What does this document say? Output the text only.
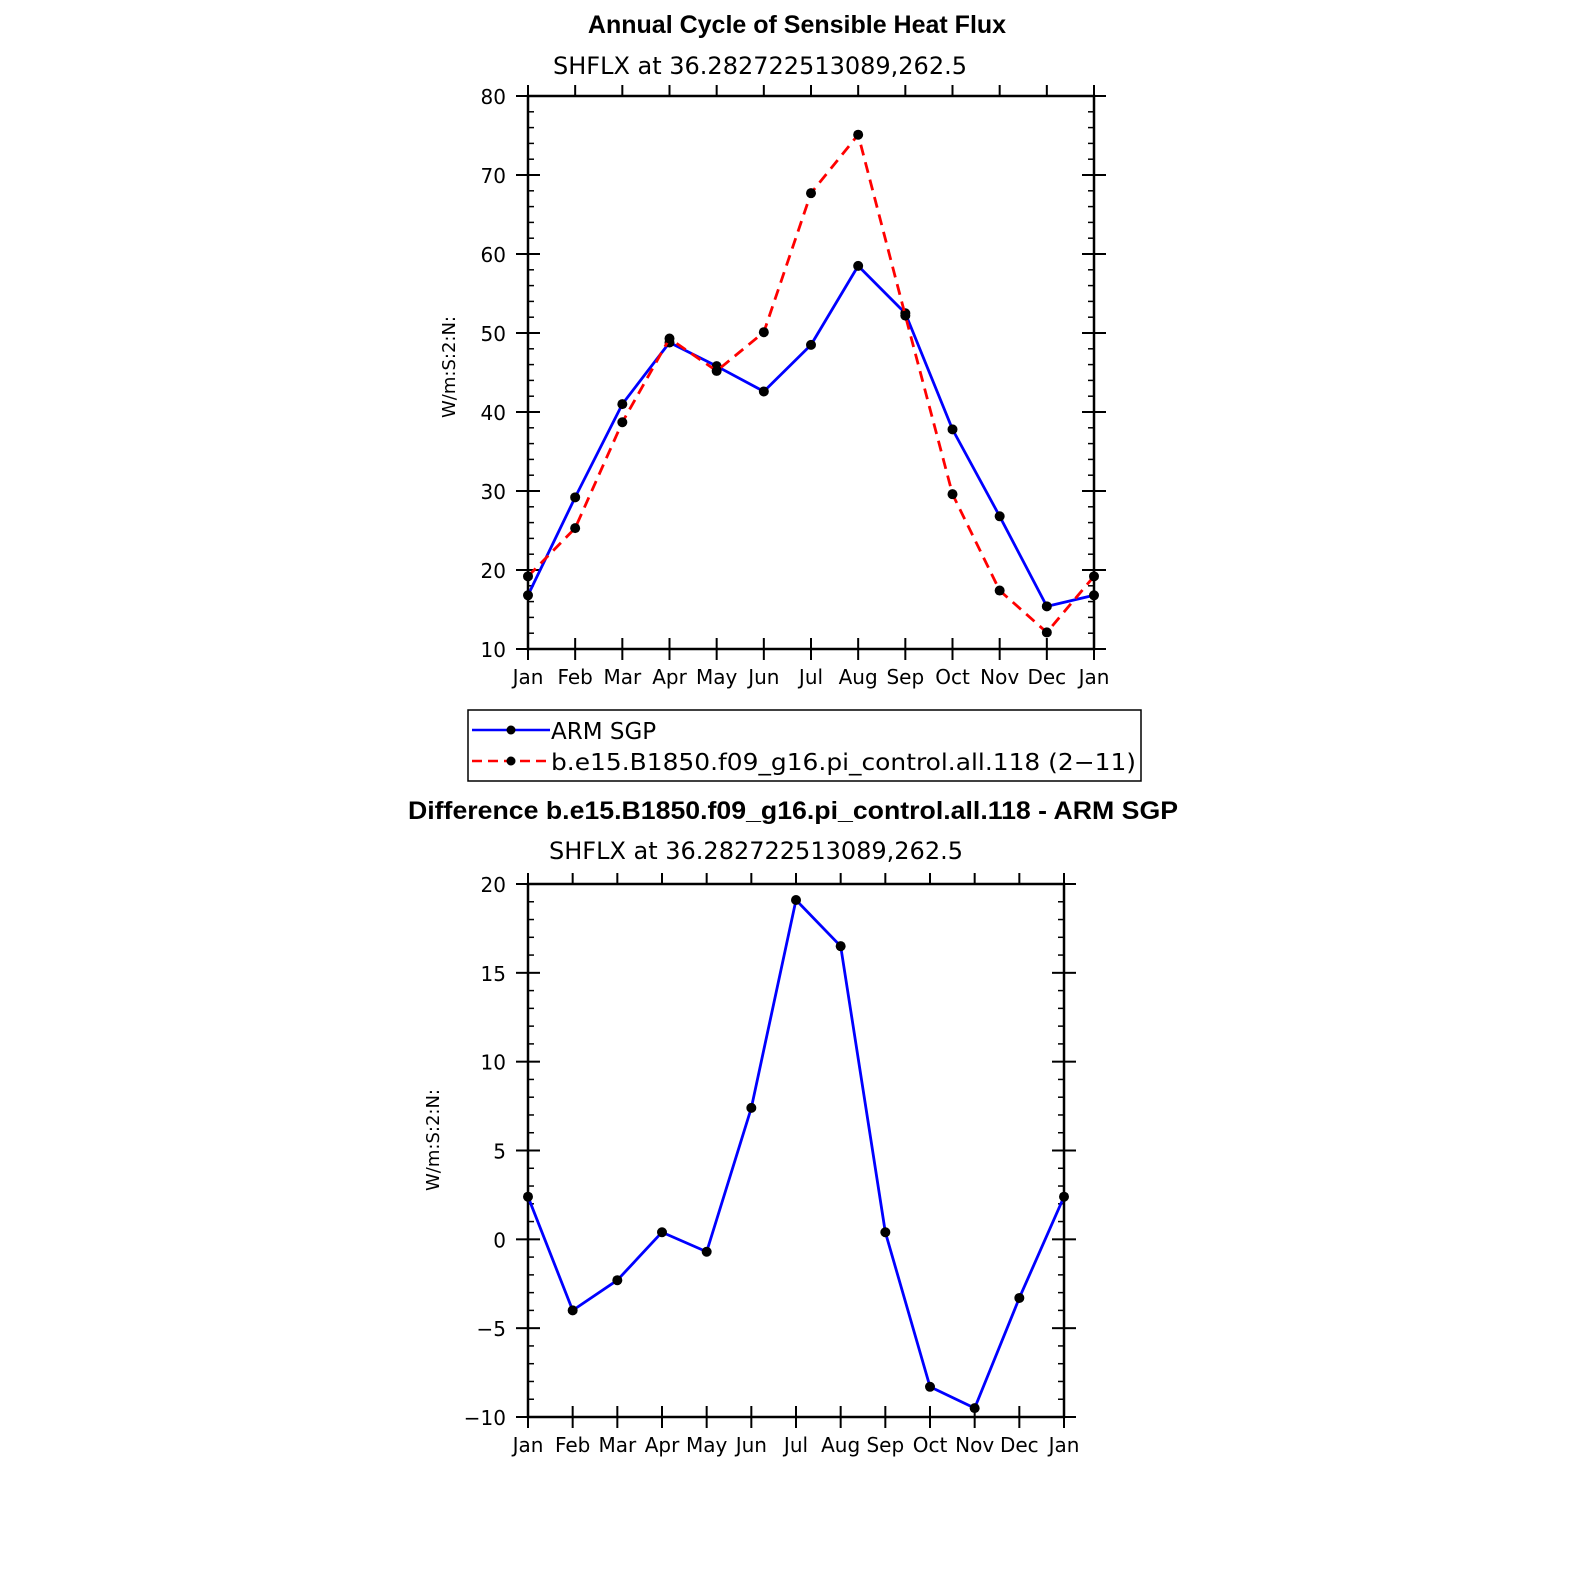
Annual Cycle of Sensible Heat Flux
SHFLX at 36.282722513089,262.5
W/m:S:2:N:
Jan Feb Mar Apr May Jun Jul Aug Sep Oct Nov Dec Jan
10
20
30
40
50
60
70
80
ARM SGP
b.e15.B1850.f09_g16.pi_control.all.118 (2−11)
Difference b.e15.B1850.f09_g16.pi_control.all.118 - ARM SGP
SHFLX at 36.282722513089,262.5
W/m:S:2:N:
Jan Feb Mar Apr May Jun Jul Aug Sep Oct Nov Dec Jan
−10
−5
0
5
10
15
20
